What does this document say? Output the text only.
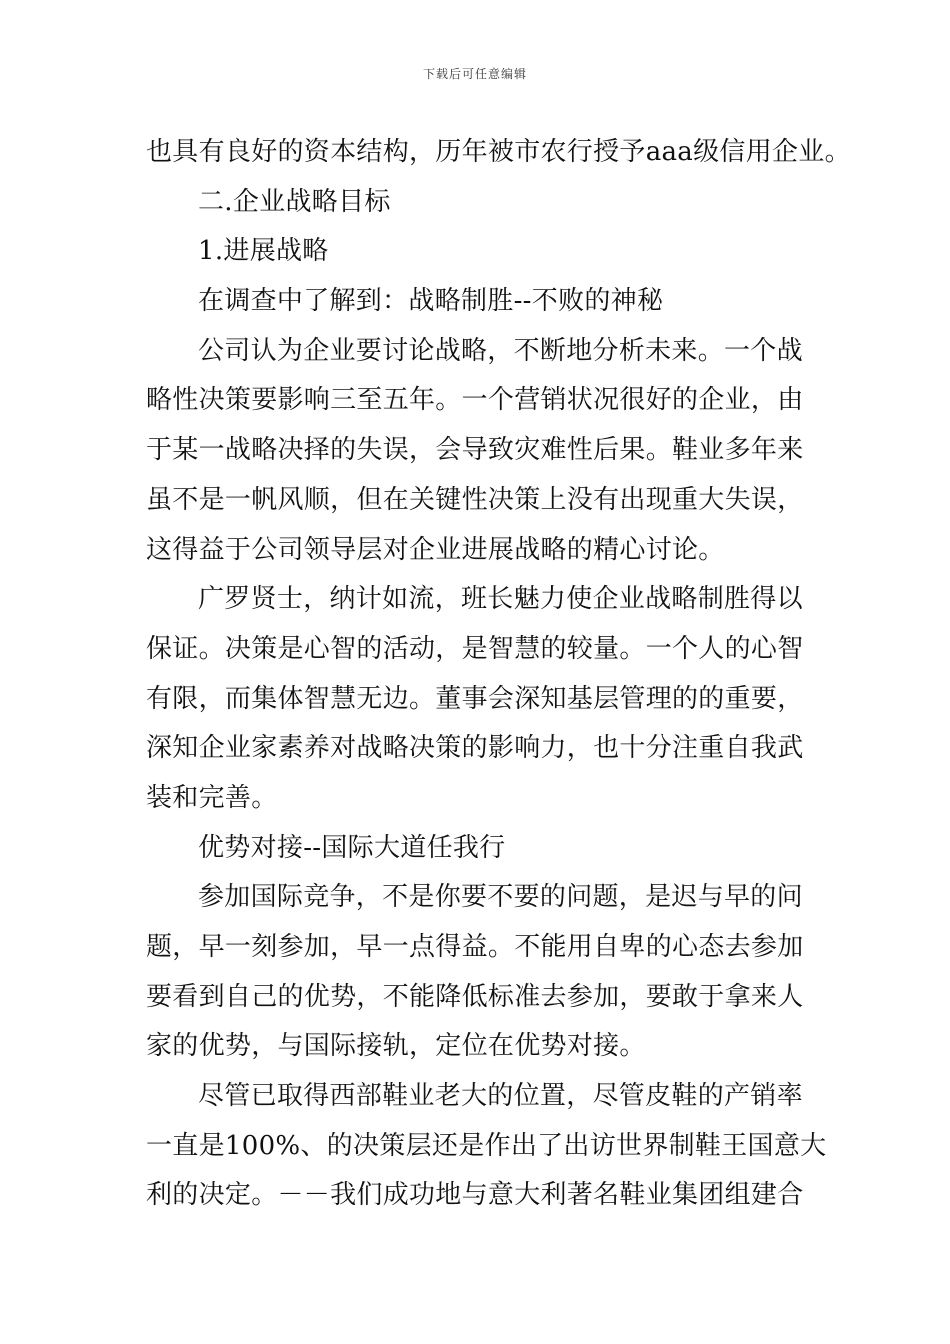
下载后可任意编辑
也具有良好的资本结构，历年被市农行授予aaa级信用企业。
二.企业战略目标
1.进展战略
在调查中了解到：战略制胜--不败的神秘
公司认为企业要讨论战略，不断地分析未来。一个战
略性决策要影响三至五年。一个营销状况很好的企业，由
于某一战略决择的失误，会导致灾难性后果。鞋业多年来
虽不是一帆风顺，但在关键性决策上没有出现重大失误，
这得益于公司领导层对企业进展战略的精心讨论。
广罗贤士，纳计如流，班长魅力使企业战略制胜得以
保证。决策是心智的活动，是智慧的较量。一个人的心智
有限，而集体智慧无边。董事会深知基层管理的的重要，
深知企业家素养对战略决策的影响力，也十分注重自我武
装和完善。
优势对接--国际大道任我行
参加国际竞争，不是你要不要的问题，是迟与早的问
题，早一刻参加，早一点得益。不能用自卑的心态去参加
要看到自己的优势，不能降低标准去参加，要敢于拿来人
家的优势，与国际接轨，定位在优势对接。
尽管已取得西部鞋业老大的位置，尽管皮鞋的产销率
一直是100%、的决策层还是作出了出访世界制鞋王国意大
利的决定。－－我们成功地与意大利著名鞋业集团组建合
